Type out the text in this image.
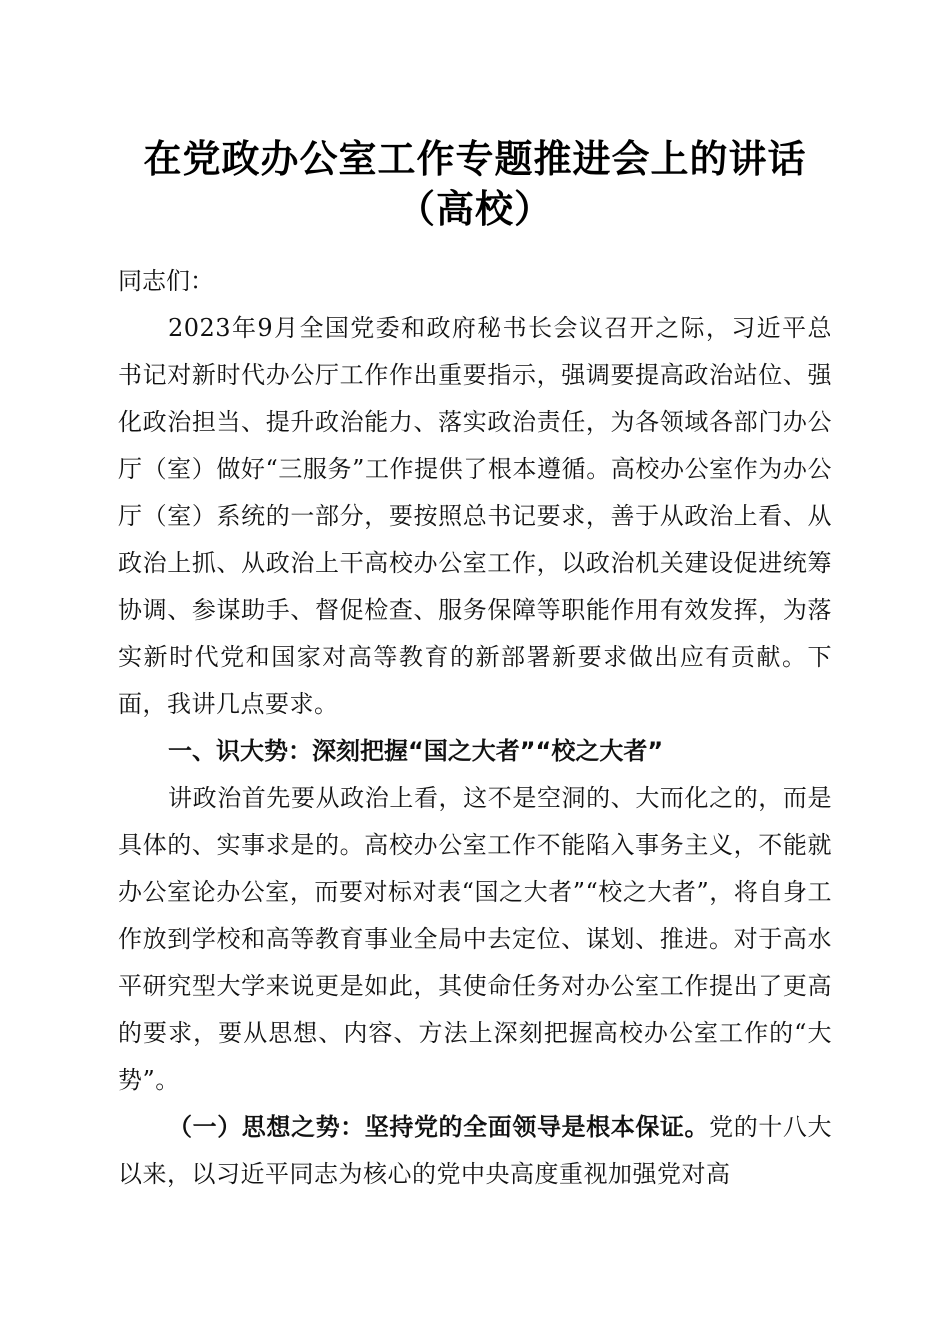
在党政办公室工作专题推进会上的讲话（高校）

同志们：

2023年9月全国党委和政府秘书长会议召开之际，习近平总书记对新时代办公厅工作作出重要指示，强调要提高政治站位、强化政治担当、提升政治能力、落实政治责任，为各领域各部门办公厅（室）做好“三服务”工作提供了根本遵循。高校办公室作为办公厅（室）系统的一部分，要按照总书记要求，善于从政治上看、从政治上抓、从政治上干高校办公室工作，以政治机关建设促进统筹协调、参谋助手、督促检查、服务保障等职能作用有效发挥，为落实新时代党和国家对高等教育的新部署新要求做出应有贡献。下面，我讲几点要求。

一、识大势：深刻把握“国之大者”“校之大者”

讲政治首先要从政治上看，这不是空洞的、大而化之的，而是具体的、实事求是的。高校办公室工作不能陷入事务主义，不能就办公室论办公室，而要对标对表“国之大者”“校之大者”，将自身工作放到学校和高等教育事业全局中去定位、谋划、推进。对于高水平研究型大学来说更是如此，其使命任务对办公室工作提出了更高的要求，要从思想、内容、方法上深刻把握高校办公室工作的“大势”。

（一）思想之势：坚持党的全面领导是根本保证。党的十八大以来，以习近平同志为核心的党中央高度重视加强党对高
